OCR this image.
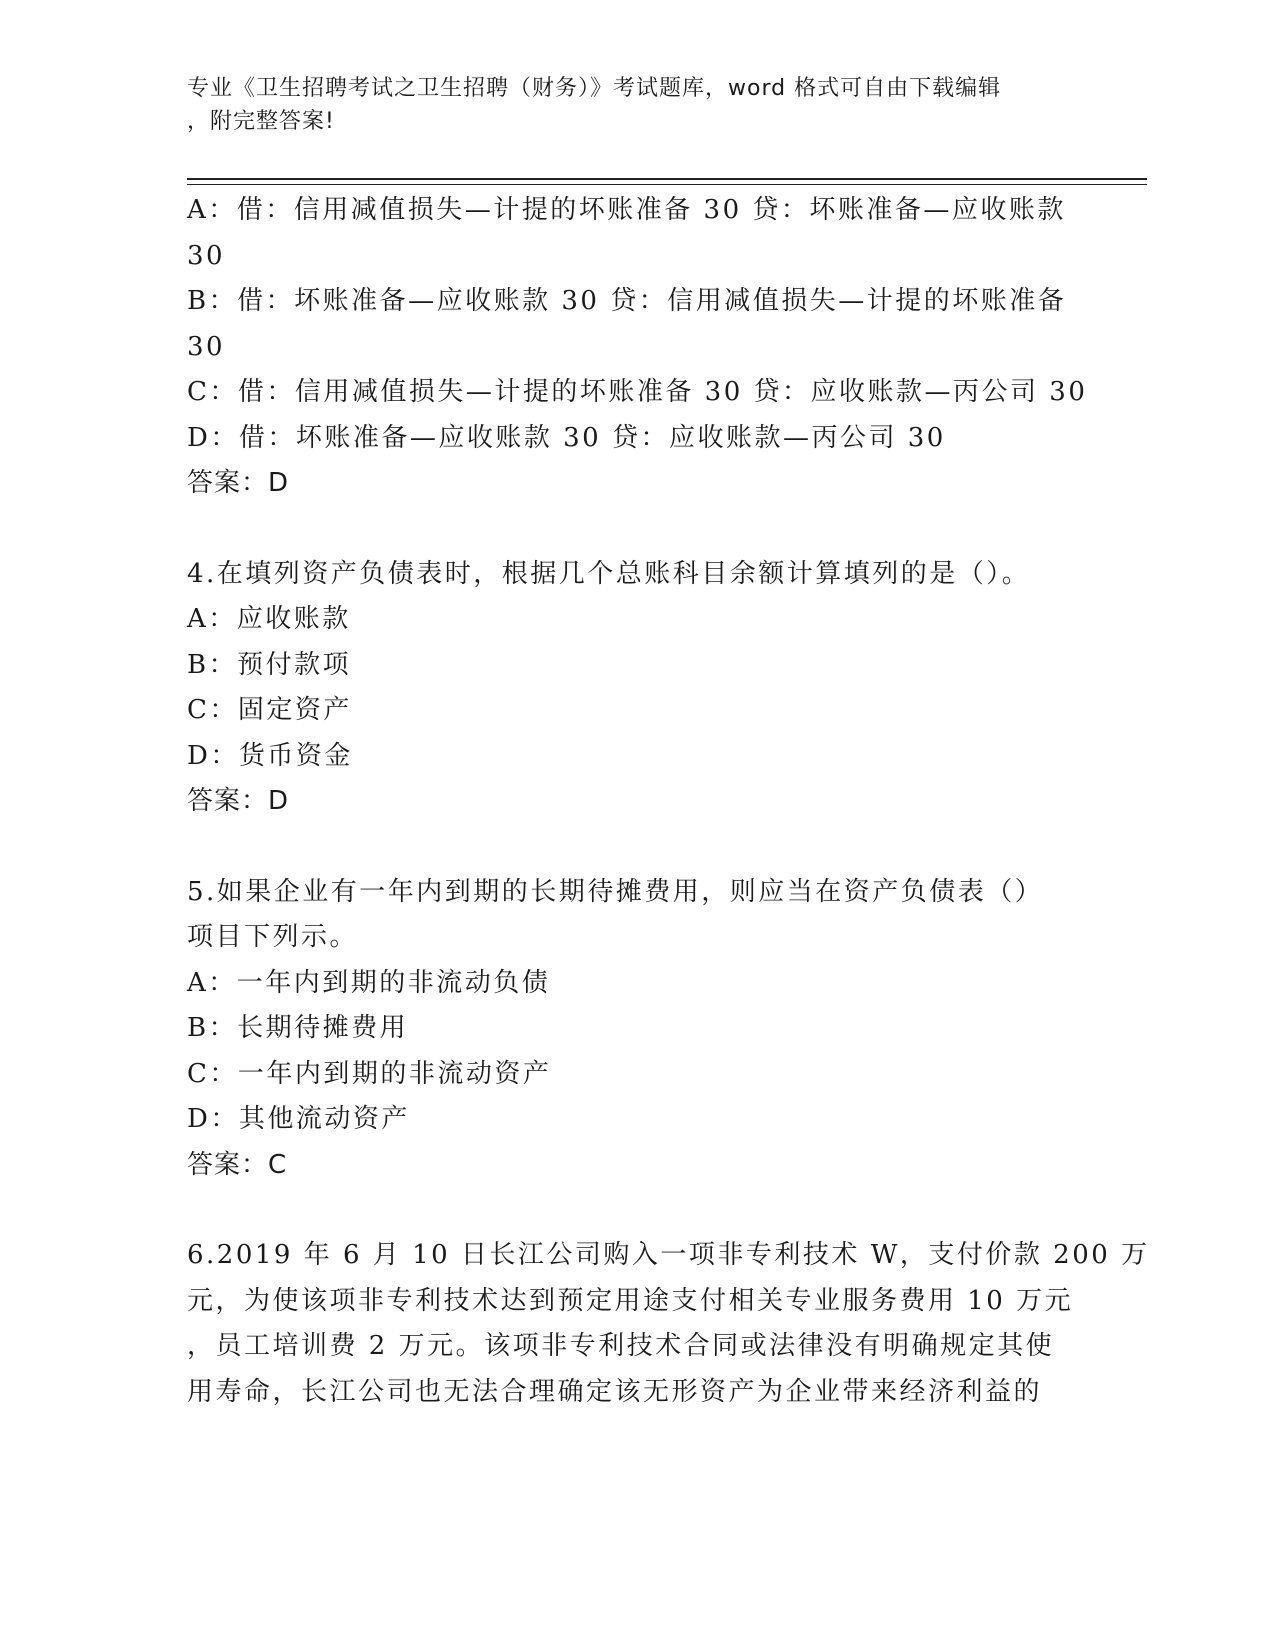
专业《卫生招聘考试之卫生招聘（财务）》考试题库，word 格式可自由下载编辑

，附完整答案!

A：借：信用减值损失—计提的坏账准备 30 贷：坏账准备—应收账款
30
B：借：坏账准备—应收账款 30 贷：信用减值损失—计提的坏账准备
30
C：借：信用减值损失—计提的坏账准备 30 贷：应收账款—丙公司 30
D：借：坏账准备—应收账款 30 贷：应收账款—丙公司 30
答案：D
4.在填列资产负债表时，根据几个总账科目余额计算填列的是（）。
A：应收账款
B：预付款项
C：固定资产
D：货币资金
答案：D
5.如果企业有一年内到期的长期待摊费用，则应当在资产负债表（）
项目下列示。
A：一年内到期的非流动负债
B：长期待摊费用
C：一年内到期的非流动资产
D：其他流动资产
答案：C
6.2019 年 6 月 10 日长江公司购入一项非专利技术 W，支付价款 200 万
元，为使该项非专利技术达到预定用途支付相关专业服务费用 10 万元
，员工培训费 2 万元。该项非专利技术合同或法律没有明确规定其使
用寿命，长江公司也无法合理确定该无形资产为企业带来经济利益的
